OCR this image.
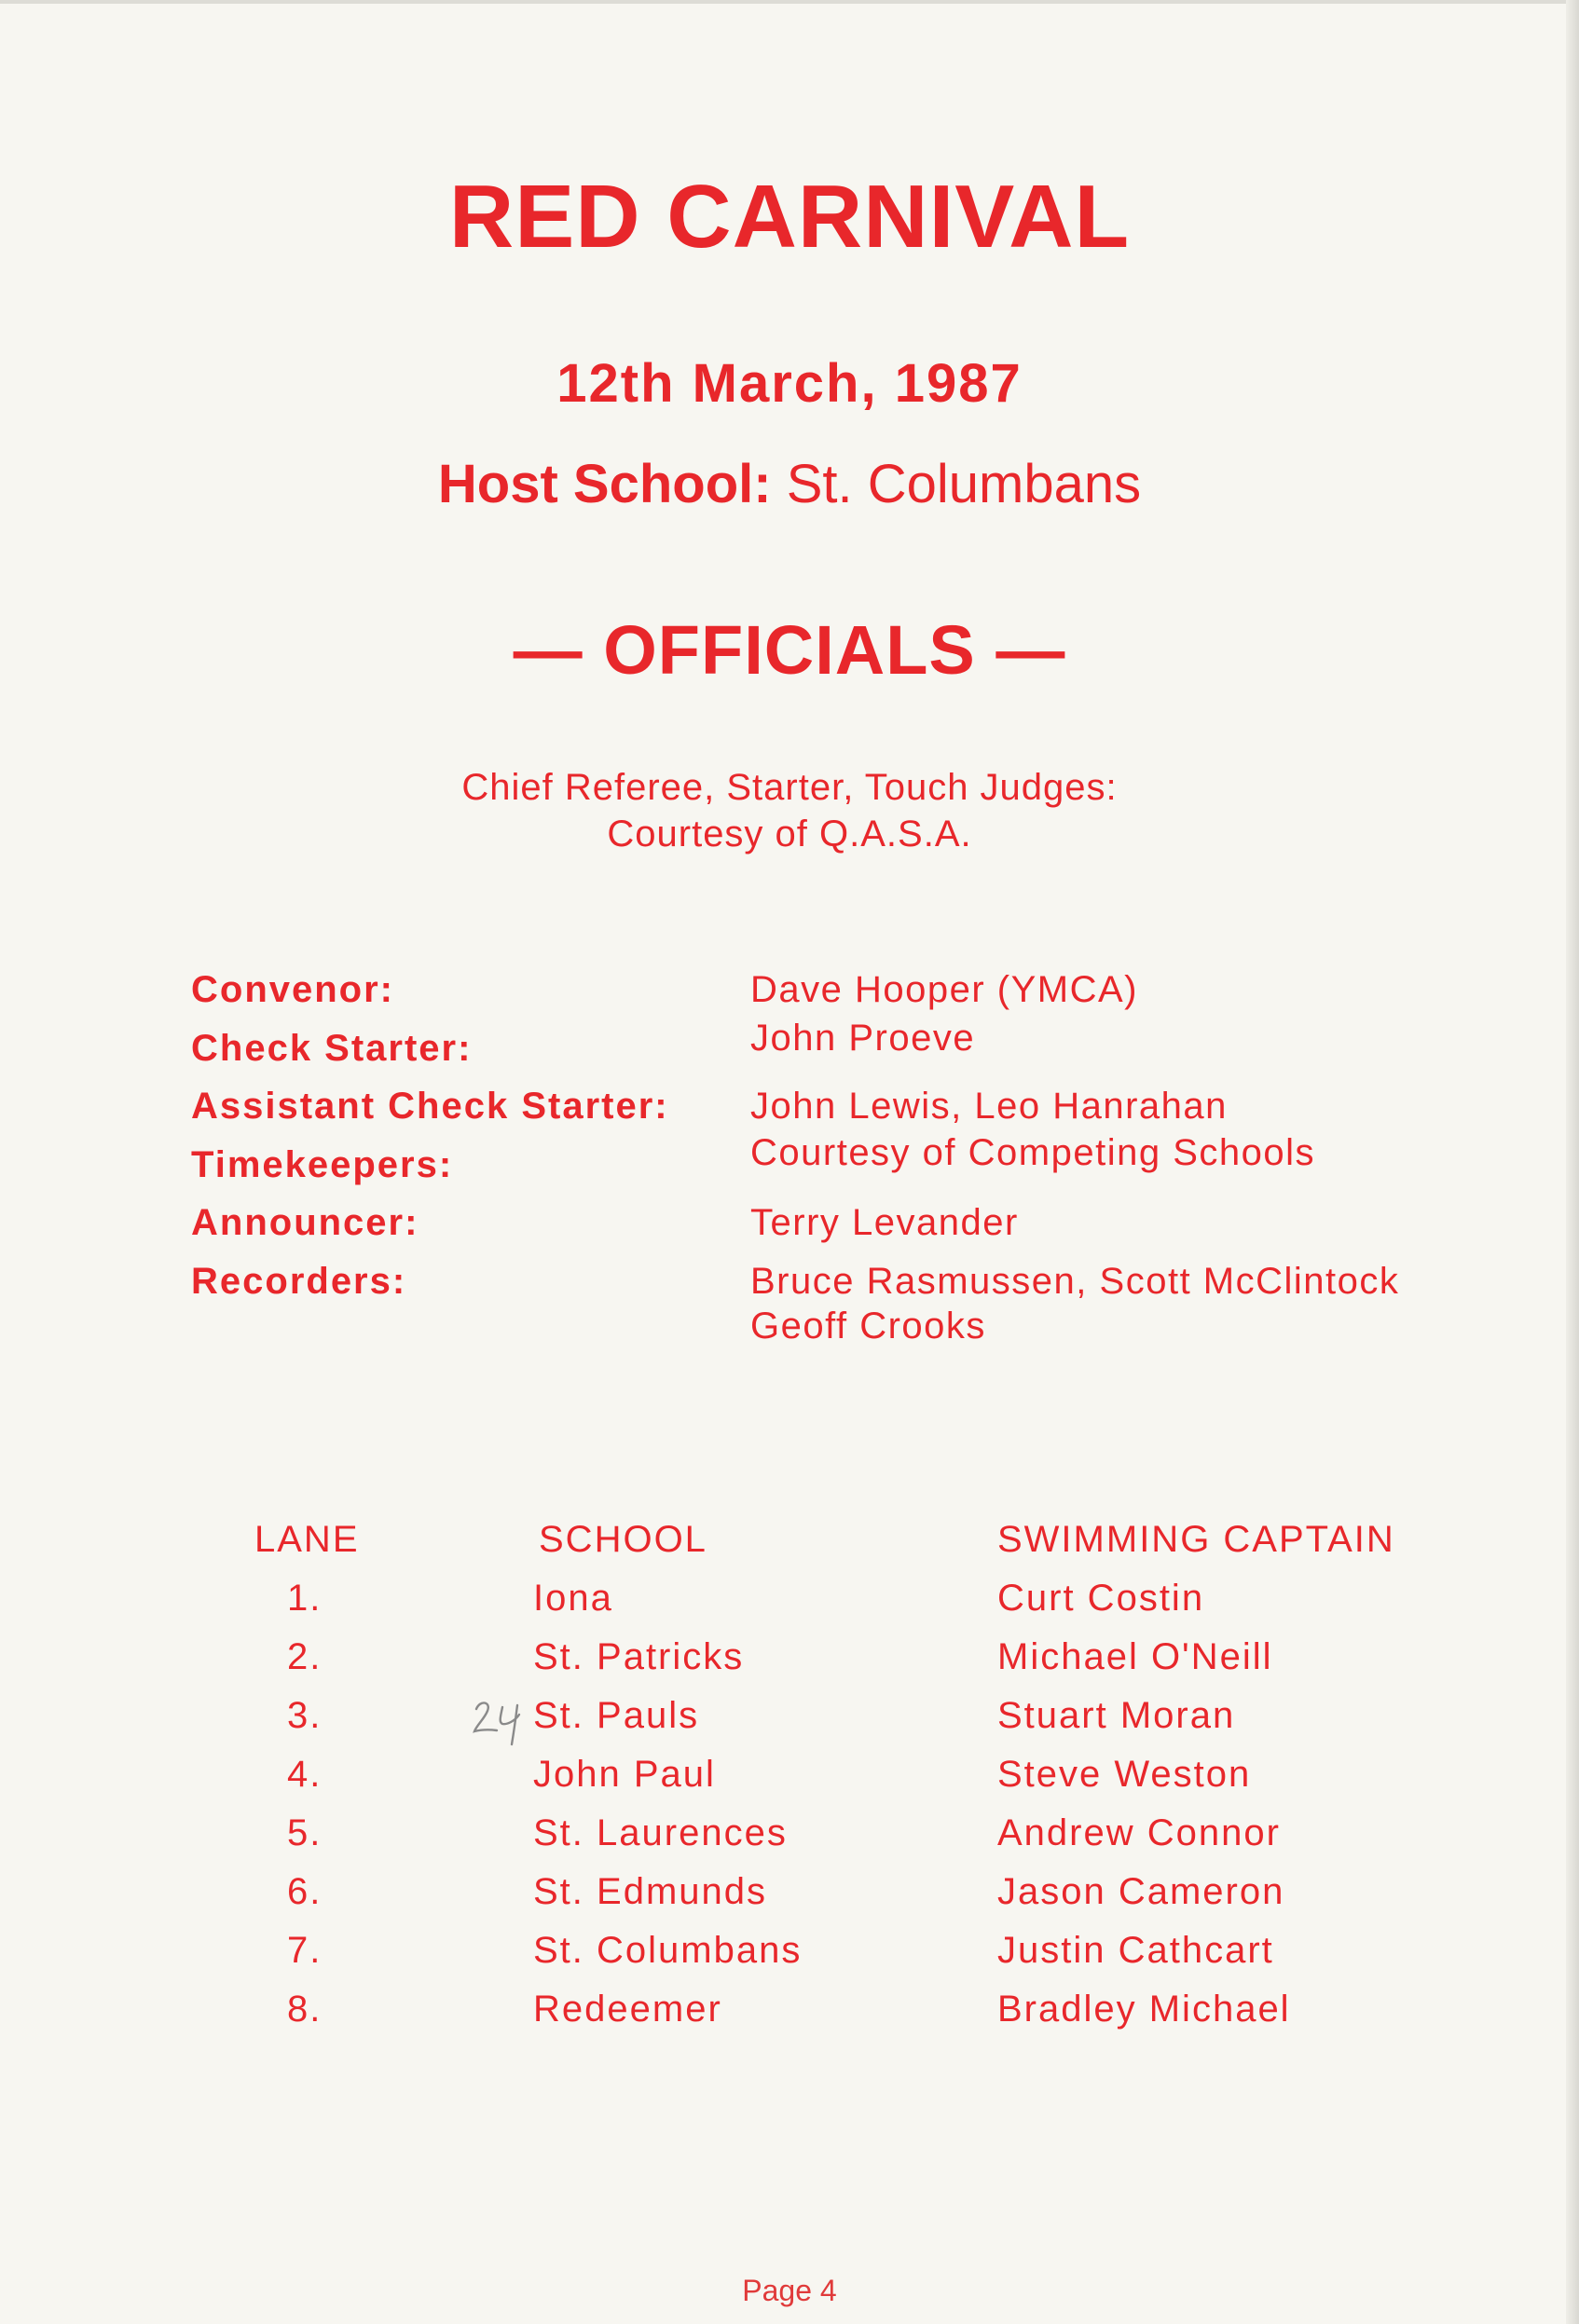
RED CARNIVAL
12th March, 1987
Host School: St. Columbans
— OFFICIALS —
Chief Referee, Starter, Touch Judges:
Courtesy of Q.A.S.A.
Convenor:	Dave Hooper (YMCA)
Check Starter:	John Proeve
Assistant Check Starter: John Lewis, Leo Hanrahan
Timekeepers:	Courtesy of Competing Schools
Announcer:	Terry Levander
Recorders:	Bruce Rasmussen, Scott McClintock
Geoff Crooks
LANE	SCHOOL	SWIMMING CAPTAIN
1.	Iona	Curt Costin
2.	St. Patricks	Michael O'Neill
3.	St. Pauls	Stuart Moran
4.	John Paul	Steve Weston
5.	St. Laurences	Andrew Connor
6.	St. Edmunds	Jason Cameron
7.	St. Columbans	Justin Cathcart
8.	Redeemer	Bradley Michael
Page 4
